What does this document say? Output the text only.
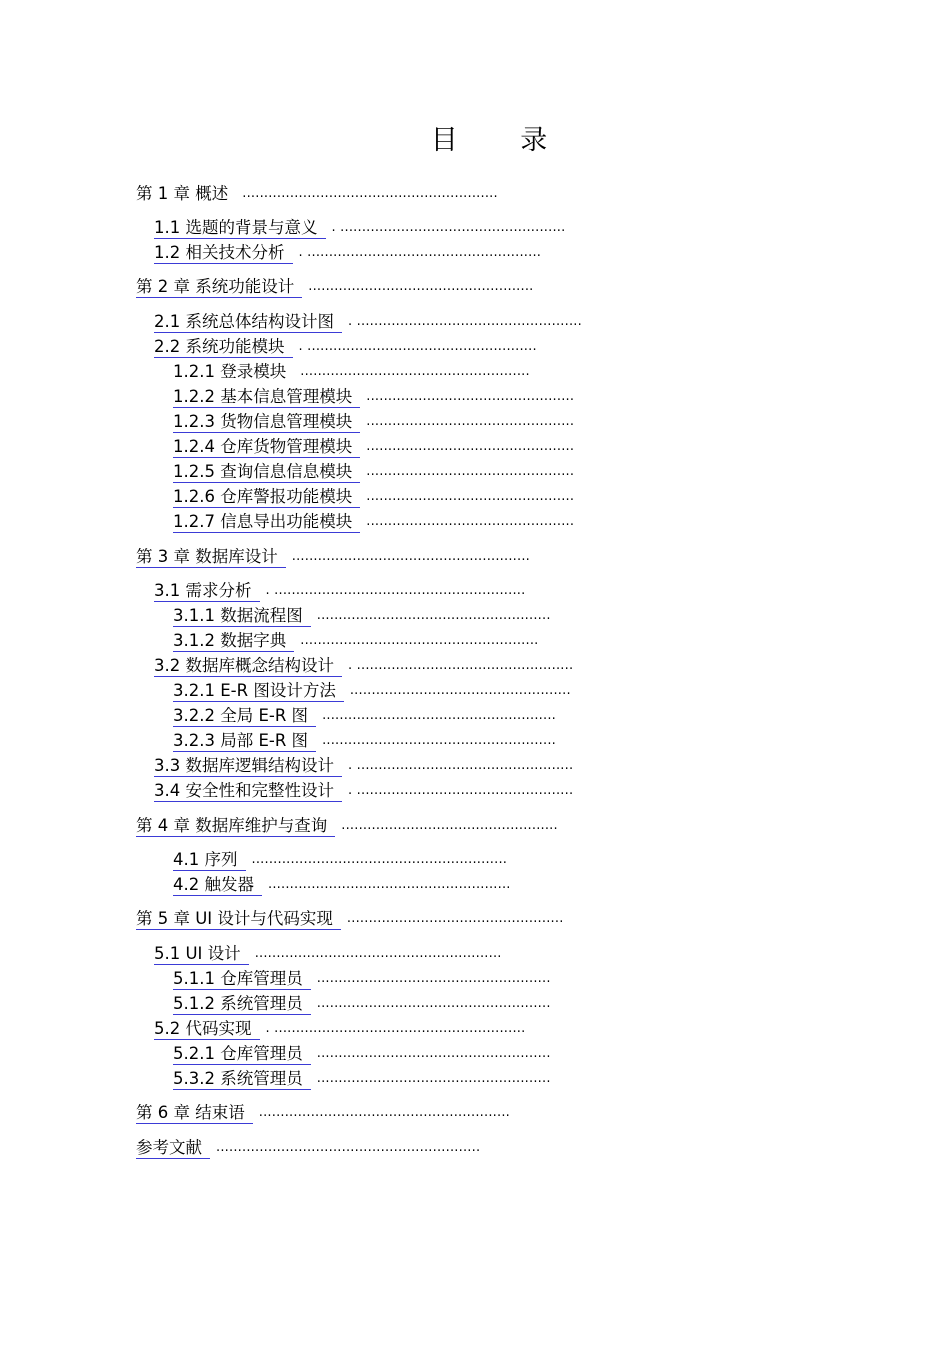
目 录
第 1 章 概述 ...........................................................
1.1 选题的背景与意义 . ....................................................
1.2 相关技术分析 . ......................................................
第 2 章 系统功能设计 ....................................................
2.1 系统总体结构设计图 . ....................................................
2.2 系统功能模块 . .....................................................
1.2.1 登录模块 .....................................................
1.2.2 基本信息管理模块 ................................................
1.2.3 货物信息管理模块 ................................................
1.2.4 仓库货物管理模块 ................................................
1.2.5 查询信息信息模块 ................................................
1.2.6 仓库警报功能模块 ................................................
1.2.7 信息导出功能模块 ................................................
第 3 章 数据库设计 .......................................................
3.1 需求分析 . ..........................................................
3.1.1 数据流程图 ......................................................
3.1.2 数据字典 .......................................................
3.2 数据库概念结构设计 . ..................................................
3.2.1 E-R 图设计方法 ...................................................
3.2.2 全局 E-R 图 ......................................................
3.2.3 局部 E-R 图 ......................................................
3.3 数据库逻辑结构设计 . ..................................................
3.4 安全性和完整性设计 . ..................................................
第 4 章 数据库维护与查询 ..................................................
4.1 序列 ...........................................................
4.2 触发器 ........................................................
第 5 章 UI 设计与代码实现 ..................................................
5.1 UI 设计 .........................................................
5.1.1 仓库管理员 ......................................................
5.1.2 系统管理员 ......................................................
5.2 代码实现 . ..........................................................
5.2.1 仓库管理员 ......................................................
5.3.2 系统管理员 ......................................................
第 6 章 结束语 ..........................................................
参考文献 .............................................................
